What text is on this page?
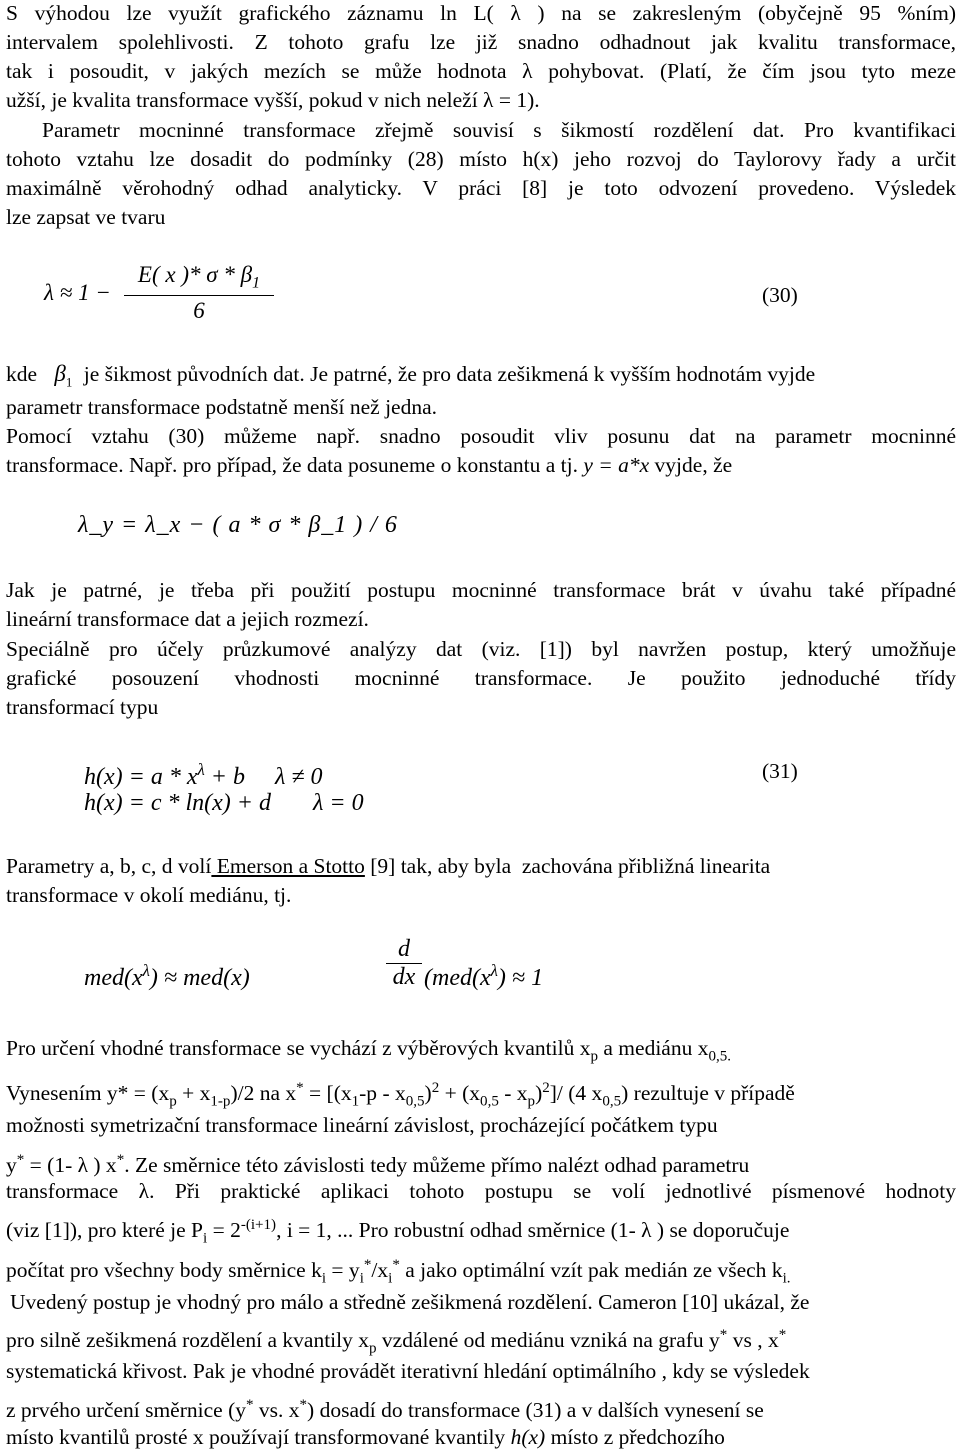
S výhodou lze využít grafického záznamu ln L( λ ) na se zakresleným (obyčejně 95 %ním)
intervalem spolehlivosti. Z tohoto grafu lze již snadno odhadnout jak kvalitu transformace,
tak i posoudit, v jakých mezích se může hodnota λ pohybovat. (Platí, že čím jsou tyto meze
užší, je kvalita transformace vyšší, pokud v nich neleží λ = 1).
Parametr mocninné transformace zřejmě souvisí s šikmostí rozdělení dat. Pro kvantifikaci
tohoto vztahu lze dosadit do podmínky (28) místo h(x) jeho rozvoj do Taylorovy řady a určit
maximálně věrohodný odhad analyticky. V práci [8] je toto odvození provedeno. Výsledek
lze zapsat ve tvaru
λ ≈ 1 −
E( x )* σ * $\beta_1$
6
(30)
kde $\beta_1$ je šikmost původních dat. Je patrné, že pro data zešikmená k vyšším hodnotám vyjde
parametr transformace podstatně menší než jedna.
Pomocí vztahu (30) můžeme např. snadno posoudit vliv posunu dat na parametr mocninné
transformace. Např. pro případ, že data posuneme o konstantu a tj. y = a*x vyjde, že
λ_y = λ_x − ( a * σ * β_1 ) / 6
Jak je patrné, je třeba při použití postupu mocninné transformace brát v úvahu také případné
lineární transformace dat a jejich rozmezí.
Speciálně pro účely průzkumové analýzy dat (viz. [1]) byl navržen postup, který umožňuje
grafické posouzení vhodnosti mocninné transformace. Je použito jednoduché třídy
transformací typu
$h(x) = a * x^\lambda + b$     λ ≠ 0	(31)
h(x) = c * ln(x) + d       λ = 0
Parametry a, b, c, d volí Emerson a Stotto [9] tak, aby byla  zachována přibližná linearita
transformace v okolí mediánu, tj.
$med(x^\lambda) \approx med(x)$	$\frac{d}{dx} (med(x^\lambda) \approx 1$
Pro určení vhodné transformace se vychází z výběrových kvantilů $x_p$ a mediánu $x_{0,5.}$
Vynesením $y* = (x_p + x_{1-p})/2$ na $x^* = [(x_1-p - x_{0,5})^2 + (x_{0,5} - x_p)^2]/$ (4 $x_{0,5}$) rezultuje v případě
možnosti symetrizační transformace lineární závislost, procházející počátkem typu
y* = (1- λ ) x*. Ze směrnice této závislosti tedy můžeme přímo nalézt odhad parametru
transformace λ. Při praktické aplikaci tohoto postupu se volí jednotlivé písmenové hodnoty
(viz [1]), pro které je $P_i = 2^{-(i+1)}$, i = 1, ... Pro robustní odhad směrnice (1- λ ) se doporučuje
počítat pro všechny body směrnice $k_i = y_i^*/x_i^*$ a jako optimální vzít pak medián ze všech $k_{i.}$
Uvedený postup je vhodný pro málo a středně zešikmená rozdělení. Cameron [10] ukázal, že
pro silně zešikmená rozdělení a kvantily $x_p$ vzdálené od mediánu vzniká na grafu y* vs , x*
systematická křivost. Pak je vhodné provádět iterativní hledání optimálního , kdy se výsledek
z prvého určení směrnice (y* vs. x*) dosadí do transformace (31) a v dalších vynesení se
místo kvantilů prosté x používají transformované kvantily h(x) místo z předchozího
